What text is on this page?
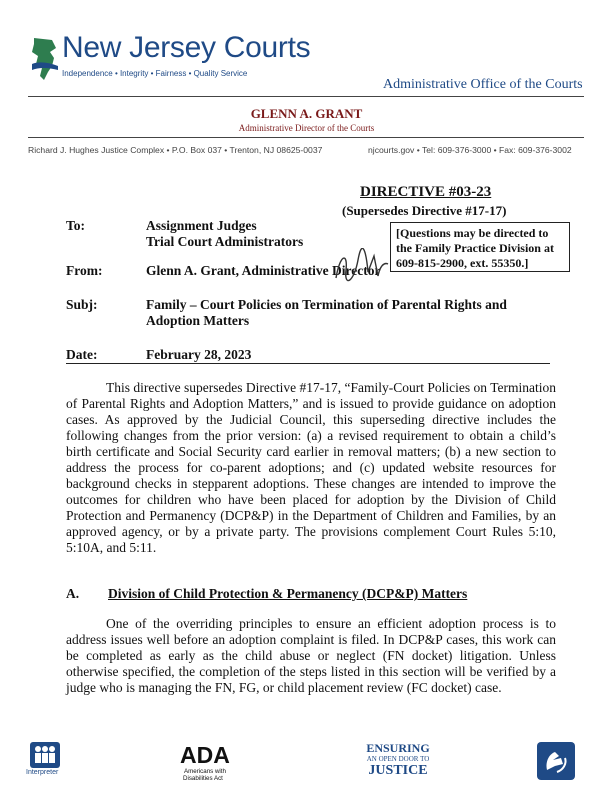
New Jersey Courts
Independence • Integrity • Fairness • Quality Service
Administrative Office of the Courts
GLENN A. GRANT
Administrative Director of the Courts
Richard J. Hughes Justice Complex • P.O. Box 037 • Trenton, NJ 08625-0037	njcourts.gov • Tel: 609-376-3000 • Fax: 609-376-3002
DIRECTIVE #03-23
(Supersedes Directive #17-17)
To:	Assignment Judges
Trial Court Administrators
[Questions may be directed to the Family Practice Division at 609-815-2900, ext. 55350.]
From:	Glenn A. Grant, Administrative Director
Subj:	Family – Court Policies on Termination of Parental Rights and
Adoption Matters
Date:	February 28, 2023
This directive supersedes Directive #17-17, “Family-Court Policies on Termination of Parental Rights and Adoption Matters,” and is issued to provide guidance on adoption cases. As approved by the Judicial Council, this superseding directive includes the following changes from the prior version: (a) a revised requirement to obtain a child’s birth certificate and Social Security card earlier in removal matters; (b) a new section to address the process for co-parent adoptions; and (c) updated website resources for background checks in stepparent adoptions. These changes are intended to improve the outcomes for children who have been placed for adoption by the Division of Child Protection and Permanency (DCP&P) in the Department of Children and Families, by an approved agency, or by a private party. The provisions complement Court Rules 5:10, 5:10A, and 5:11.
A. Division of Child Protection & Permanency (DCP&P) Matters
One of the overriding principles to ensure an efficient adoption process is to address issues well before an adoption complaint is filed. In DCP&P cases, this work can be completed as early as the child abuse or neglect (FN docket) litigation. Unless otherwise specified, the completion of the steps listed in this section will be verified by a judge who is managing the FN, FG, or child placement review (FC docket) case.
Interpreter
ADA
Americans with
Disabilities Act
ENSURING
AN OPEN DOOR TO
JUSTICE
